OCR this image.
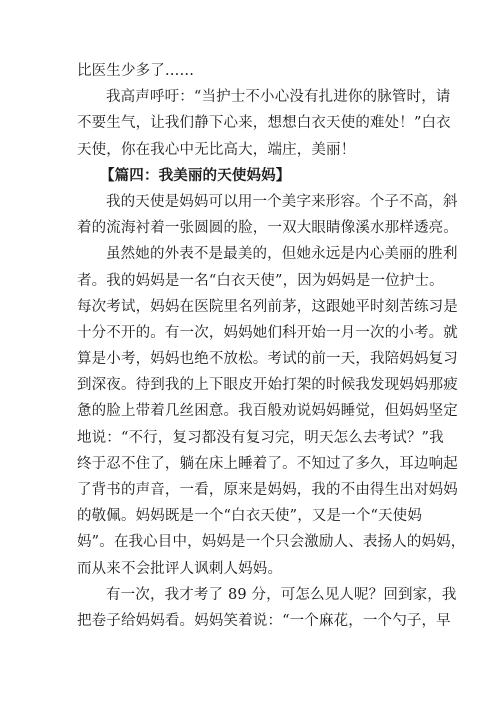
比医生少多了……
我高声呼吁：“当护士不小心没有扎进你的脉管时，请
不要生气，让我们静下心来，想想白衣天使的难处！”白衣
天使，你在我心中无比高大，端庄，美丽！
【篇四：我美丽的天使妈妈】
我的天使是妈妈可以用一个美字来形容。个子不高，斜
着的流海衬着一张圆圆的脸，一双大眼睛像溪水那样透亮。
虽然她的外表不是最美的，但她永远是内心美丽的胜利
者。我的妈妈是一名“白衣天使”，因为妈妈是一位护士。
每次考试，妈妈在医院里名列前茅，这跟她平时刻苦练习是
十分不开的。有一次，妈妈她们科开始一月一次的小考。就
算是小考，妈妈也绝不放松。考试的前一天，我陪妈妈复习
到深夜。待到我的上下眼皮开始打架的时候我发现妈妈那疲
惫的脸上带着几丝困意。我百般劝说妈妈睡觉，但妈妈坚定
地说：“不行，复习都没有复习完，明天怎么去考试？”我
终于忍不住了，躺在床上睡着了。不知过了多久，耳边响起
了背书的声音，一看，原来是妈妈，我的不由得生出对妈妈
的敬佩。妈妈既是一个“白衣天使”，又是一个“天使妈
妈”。在我心目中，妈妈是一个只会激励人、表扬人的妈妈，
而从来不会批评人讽刺人妈妈。
有一次，我才考了 89 分，可怎么见人呢？回到家，我
把卷子给妈妈看。妈妈笑着说：“一个麻花，一个勺子，早
